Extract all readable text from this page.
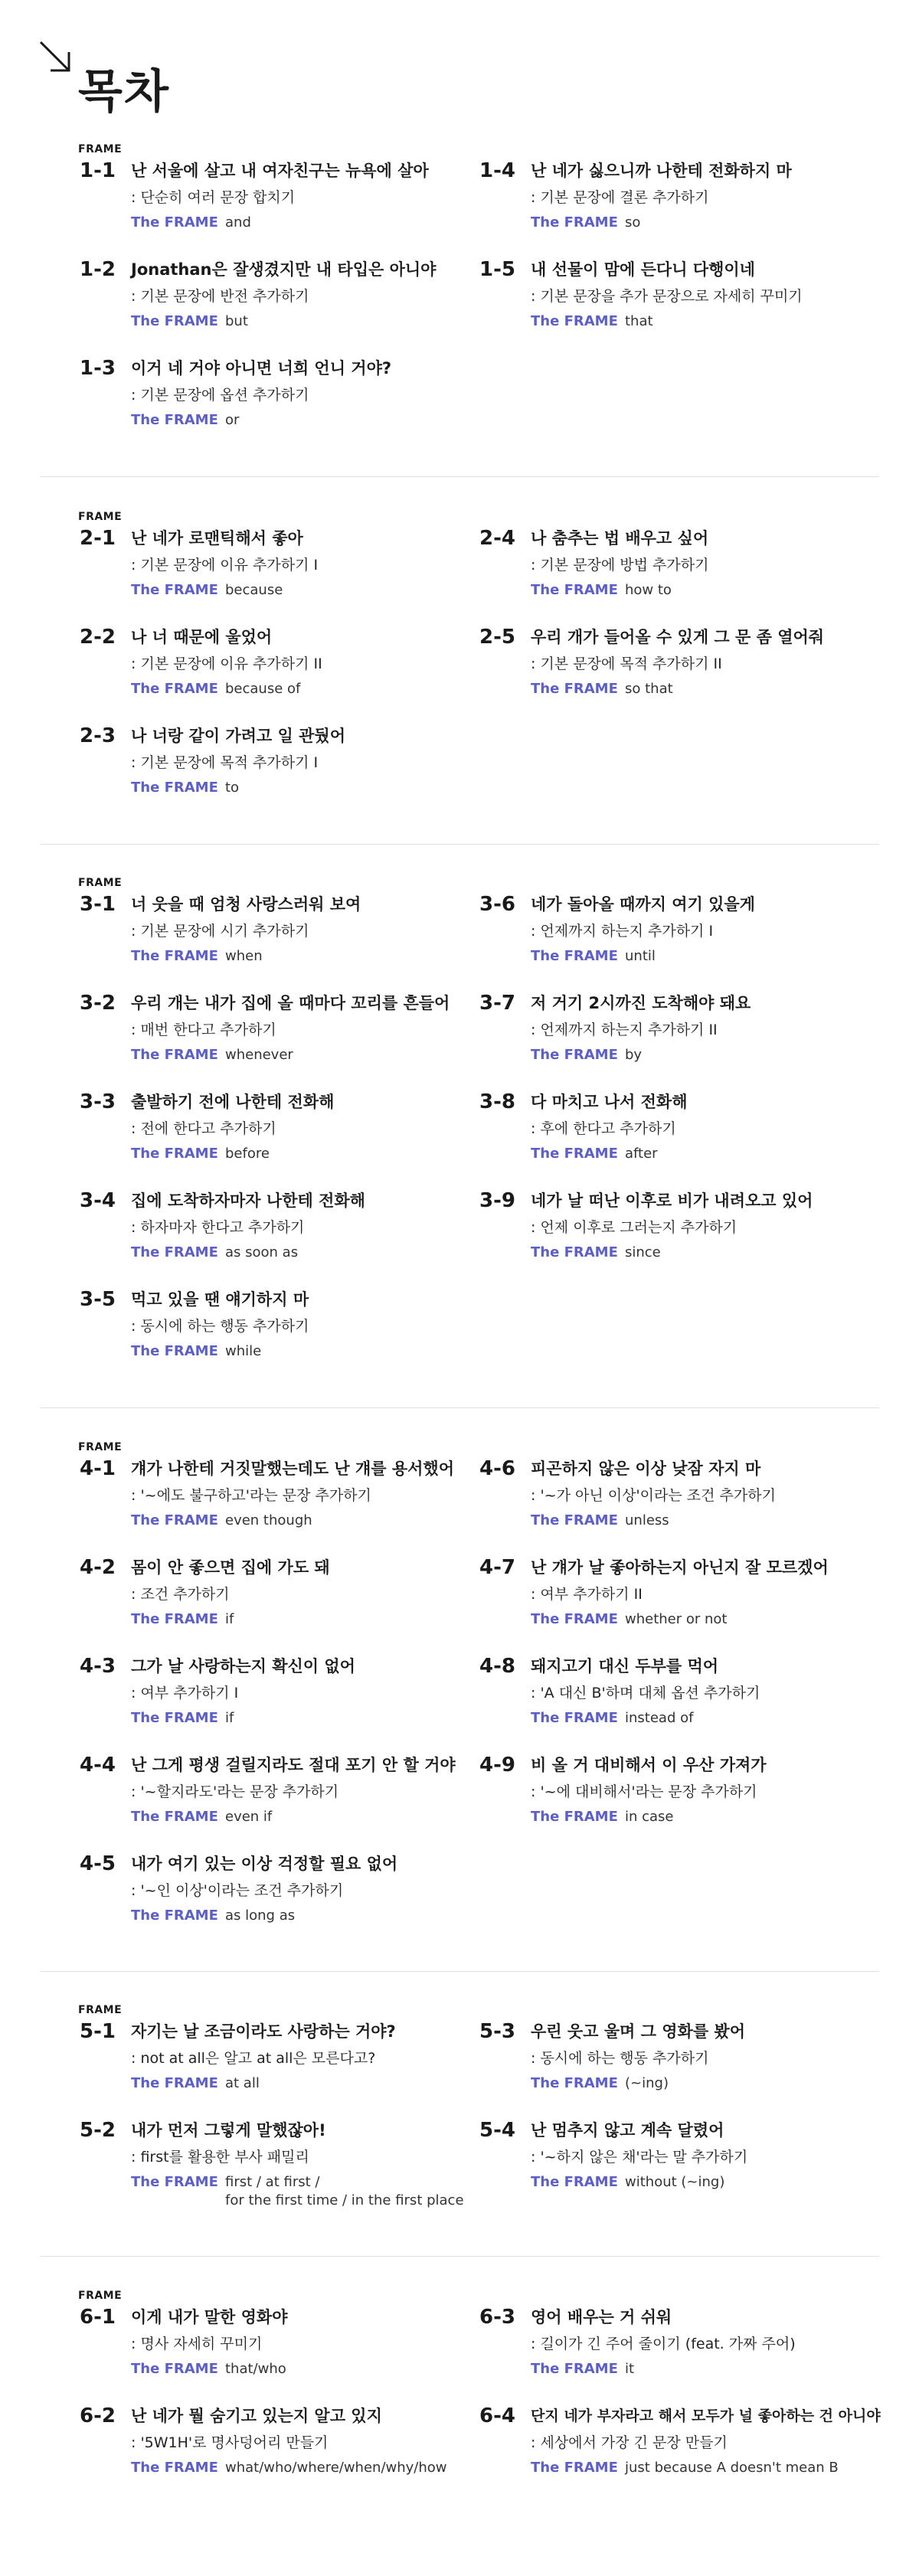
목차
FRAME
FRAME
FRAME
FRAME
FRAME
FRAME
1-1 난 서울에 살고 내 여자친구는 뉴욕에 살아
: 단순히 여러 문장 합치기
The FRAME and
1-2 Jonathan은 잘생겼지만 내 타입은 아니야
: 기본 문장에 반전 추가하기
The FRAME but
1-3 이거 네 거야 아니면 너희 언니 거야?
: 기본 문장에 옵션 추가하기
The FRAME or
1-4 난 네가 싫으니까 나한테 전화하지 마
: 기본 문장에 결론 추가하기
The FRAME so
1-5 내 선물이 맘에 든다니 다행이네
: 기본 문장을 추가 문장으로 자세히 꾸미기
The FRAME that
2-1 난 네가 로맨틱해서 좋아
: 기본 문장에 이유 추가하기 I
The FRAME because
2-2 나 너 때문에 울었어
: 기본 문장에 이유 추가하기 II
The FRAME because of
2-3 나 너랑 같이 가려고 일 관뒀어
: 기본 문장에 목적 추가하기 I
The FRAME to
2-4 나 춤추는 법 배우고 싶어
: 기본 문장에 방법 추가하기
The FRAME how to
2-5 우리 개가 들어올 수 있게 그 문 좀 열어줘
: 기본 문장에 목적 추가하기 II
The FRAME so that
3-1 너 웃을 때 엄청 사랑스러워 보여
: 기본 문장에 시기 추가하기
The FRAME when
3-2 우리 개는 내가 집에 올 때마다 꼬리를 흔들어
: 매번 한다고 추가하기
The FRAME whenever
3-3 출발하기 전에 나한테 전화해
: 전에 한다고 추가하기
The FRAME before
3-4 집에 도착하자마자 나한테 전화해
: 하자마자 한다고 추가하기
The FRAME as soon as
3-5 먹고 있을 땐 얘기하지 마
: 동시에 하는 행동 추가하기
The FRAME while
3-6 네가 돌아올 때까지 여기 있을게
: 언제까지 하는지 추가하기 I
The FRAME until
3-7 저 거기 2시까진 도착해야 돼요
: 언제까지 하는지 추가하기 II
The FRAME by
3-8 다 마치고 나서 전화해
: 후에 한다고 추가하기
The FRAME after
3-9 네가 날 떠난 이후로 비가 내려오고 있어
: 언제 이후로 그러는지 추가하기
The FRAME since
4-1 걔가 나한테 거짓말했는데도 난 걔를 용서했어
: '~에도 불구하고'라는 문장 추가하기
The FRAME even though
4-2 몸이 안 좋으면 집에 가도 돼
: 조건 추가하기
The FRAME if
4-3 그가 날 사랑하는지 확신이 없어
: 여부 추가하기 I
The FRAME if
4-4 난 그게 평생 걸릴지라도 절대 포기 안 할 거야
: '~할지라도'라는 문장 추가하기
The FRAME even if
4-5 내가 여기 있는 이상 걱정할 필요 없어
: '~인 이상'이라는 조건 추가하기
The FRAME as long as
4-6 피곤하지 않은 이상 낮잠 자지 마
: '~가 아닌 이상'이라는 조건 추가하기
The FRAME unless
4-7 난 걔가 날 좋아하는지 아닌지 잘 모르겠어
: 여부 추가하기 II
The FRAME whether or not
4-8 돼지고기 대신 두부를 먹어
: 'A 대신 B'하며 대체 옵션 추가하기
The FRAME instead of
4-9 비 올 거 대비해서 이 우산 가져가
: '~에 대비해서'라는 문장 추가하기
The FRAME in case
5-1 자기는 날 조금이라도 사랑하는 거야?
: not at all은 알고 at all은 모른다고?
The FRAME at all
5-2 내가 먼저 그렇게 말했잖아!
: first를 활용한 부사 패밀리
The FRAME first / at first /
for the first time / in the first place
5-3 우린 웃고 울며 그 영화를 봤어
: 동시에 하는 행동 추가하기
The FRAME (~ing)
5-4 난 멈추지 않고 계속 달렸어
: '~하지 않은 채'라는 말 추가하기
The FRAME without (~ing)
6-1 이게 내가 말한 영화야
: 명사 자세히 꾸미기
The FRAME that/who
6-2 난 네가 뭘 숨기고 있는지 알고 있지
: '5W1H'로 명사덩어리 만들기
The FRAME what/who/where/when/why/how
6-3 영어 배우는 거 쉬워
: 길이가 긴 주어 줄이기 (feat. 가짜 주어)
The FRAME it
6-4 단지 네가 부자라고 해서 모두가 널 좋아하는 건 아니야
: 세상에서 가장 긴 문장 만들기
The FRAME just because A doesn't mean B
